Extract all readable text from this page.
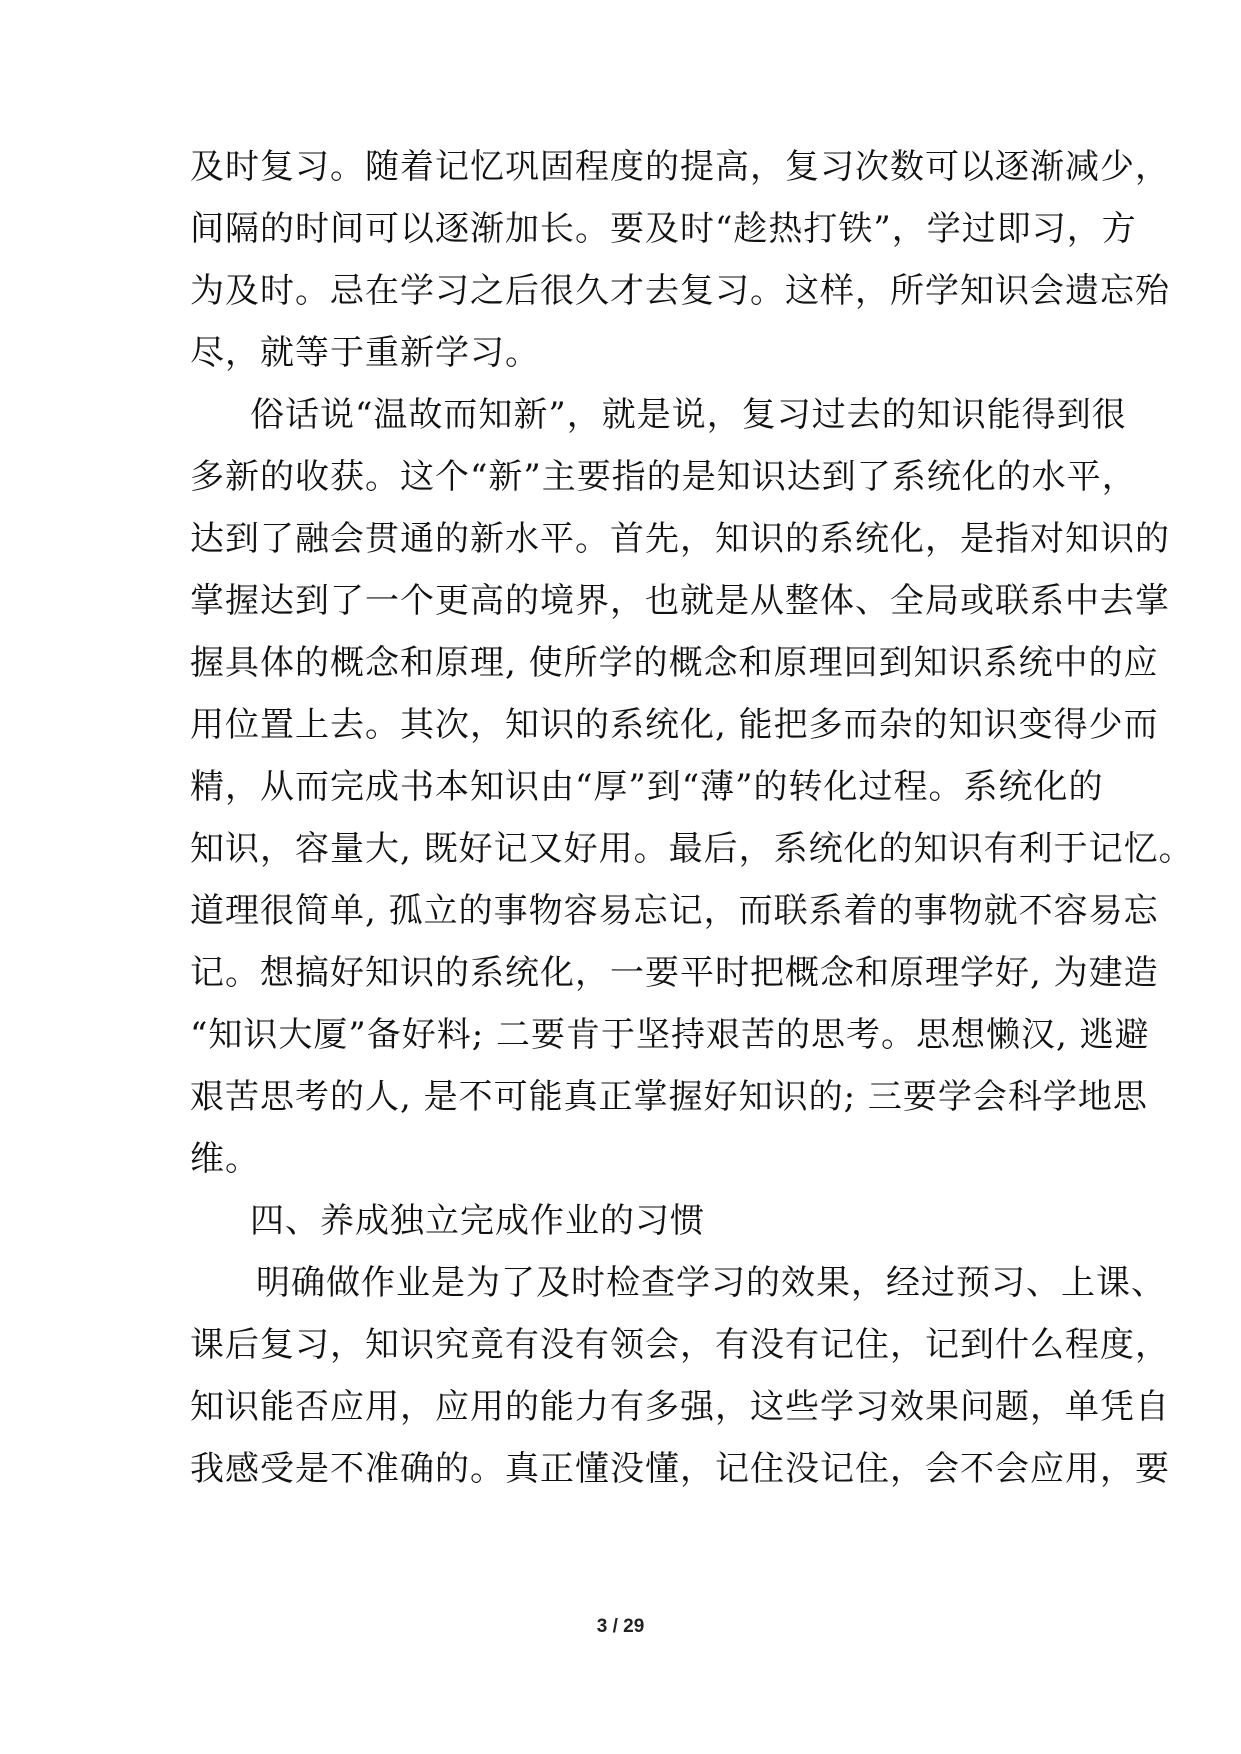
及时复习。随着记忆巩固程度的提高，复习次数可以逐渐减少，
间隔的时间可以逐渐加长。要及时“趁热打铁”，学过即习，方
为及时。忌在学习之后很久才去复习。这样，所学知识会遗忘殆
尽，就等于重新学习。
俗话说“温故而知新”，就是说，复习过去的知识能得到很
多新的收获。这个“新”主要指的是知识达到了系统化的水平，
达到了融会贯通的新水平。首先，知识的系统化，是指对知识的
掌握达到了一个更高的境界，也就是从整体、全局或联系中去掌
握具体的概念和原理, 使所学的概念和原理回到知识系统中的应
用位置上去。其次，知识的系统化, 能把多而杂的知识变得少而
精，从而完成书本知识由“厚”到“薄”的转化过程。系统化的
知识，容量大, 既好记又好用。最后，系统化的知识有利于记忆。
道理很简单, 孤立的事物容易忘记，而联系着的事物就不容易忘
记。想搞好知识的系统化，一要平时把概念和原理学好, 为建造
“知识大厦”备好料; 二要肯于坚持艰苦的思考。思想懒汉, 逃避
艰苦思考的人, 是不可能真正掌握好知识的; 三要学会科学地思
维。
四、养成独立完成作业的习惯
明确做作业是为了及时检查学习的效果，经过预习、上课、
课后复习，知识究竟有没有领会，有没有记住，记到什么程度，
知识能否应用，应用的能力有多强，这些学习效果问题，单凭自
我感受是不准确的。真正懂没懂，记住没记住，会不会应用，要
3 / 29
